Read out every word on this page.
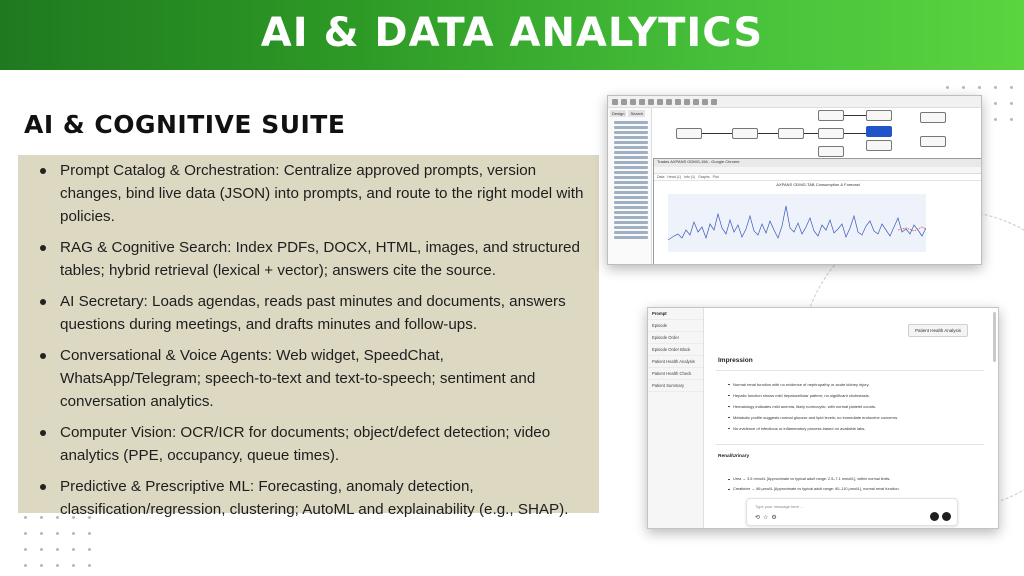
AI & DATA ANALYTICS
AI & COGNITIVE SUITE
Prompt Catalog & Orchestration: Centralize approved prompts, version changes, bind live data (JSON) into prompts, and route to the right model with policies.
RAG & Cognitive Search: Index PDFs, DOCX, HTML, images, and structured tables; hybrid retrieval (lexical + vector); answers cite the source.
AI Secretary: Loads agendas, reads past minutes and documents, answers questions during meetings, and drafts minutes and follow-ups.
Conversational & Voice Agents: Web widget, SpeedChat, WhatsApp/Telegram; speech-to-text and text-to-speech; sentiment and conversation analytics.
Computer Vision: OCR/ICR for documents; object/defect detection; video analytics (PPE, occupancy, queue times).
Predictive & Prescriptive ML: Forecasting, anomaly detection, classification/regression, clustering; AutoML and explainability (e.g., SHAP).
Design	Search
Trades AXPANS ODMG-156 - Google Chrome
Data Head (1) Info (1) Graphs Plot
AXPANS ODMG-TAB Consumption & Forecast
Prompt
Episode
Episode Order
Episode Order Block
Patient Health Analysis
Patient Health Check
Patient Summary
Patient Health Analysis
Impression
Normal renal function with no evidence of nephropathy or acute kidney injury.
Hepatic function shows mild hepatocellular pattern; no significant cholestasis.
Hematology indicates mild anemia, likely normocytic, with normal platelet counts.
Metabolic profile suggests normal glucose and lipid levels; no immediate endocrine concerns.
No evidence of infectious or inflammatory process based on available labs.
Renal/Urinary
Urea → 3.5 mmol/L [Approximate vs typical adult range: 2.5–7.1 mmol/L], within normal limits.
Creatinine → 86 µmol/L [Approximate vs typical adult range: 60–110 µmol/L], normal renal function.
Type your message here ...
⟲ ☆ ⚙
